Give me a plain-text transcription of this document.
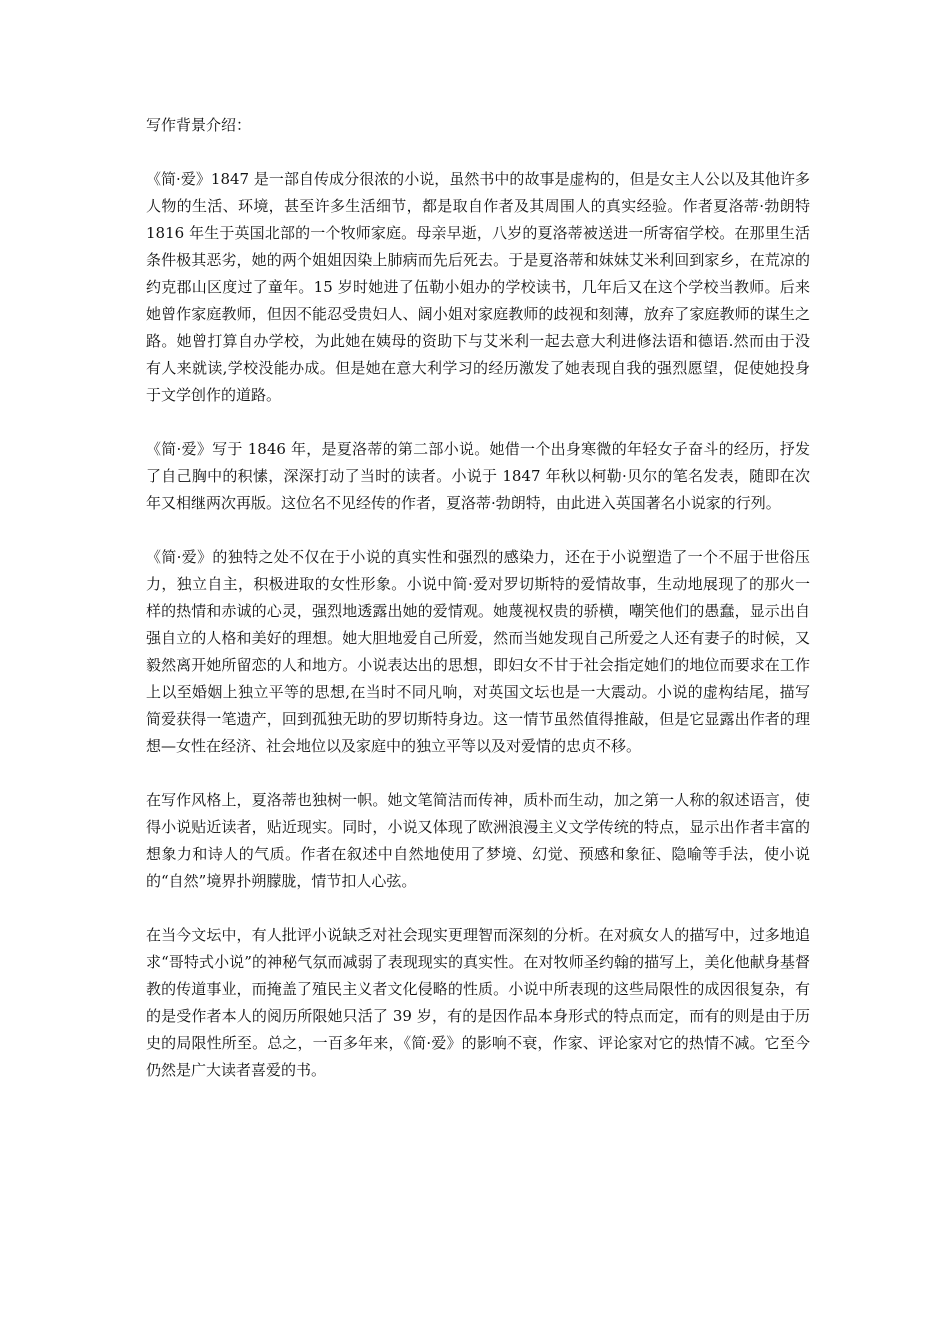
写作背景介绍：

《简·爱》1847 是一部自传成分很浓的小说，虽然书中的故事是虚构的，但是女主人公以及其他许多人物的生活、环境，甚至许多生活细节，都是取自作者及其周围人的真实经验。作者夏洛蒂·勃朗特 1816 年生于英国北部的一个牧师家庭。母亲早逝，八岁的夏洛蒂被送进一所寄宿学校。在那里生活条件极其恶劣，她的两个姐姐因染上肺病而先后死去。于是夏洛蒂和妹妹艾米利回到家乡，在荒凉的约克郡山区度过了童年。15 岁时她进了伍勒小姐办的学校读书，几年后又在这个学校当教师。后来她曾作家庭教师，但因不能忍受贵妇人、阔小姐对家庭教师的歧视和刻薄，放弃了家庭教师的谋生之路。她曾打算自办学校，为此她在姨母的资助下与艾米利一起去意大利进修法语和德语.然而由于没有人来就读,学校没能办成。但是她在意大利学习的经历激发了她表现自我的强烈愿望，促使她投身于文学创作的道路。

《简·爱》写于 1846 年，是夏洛蒂的第二部小说。她借一个出身寒微的年轻女子奋斗的经历，抒发了自己胸中的积愫，深深打动了当时的读者。小说于 1847 年秋以柯勒·贝尔的笔名发表，随即在次年又相继两次再版。这位名不见经传的作者，夏洛蒂·勃朗特，由此进入英国著名小说家的行列。

《简·爱》的独特之处不仅在于小说的真实性和强烈的感染力，还在于小说塑造了一个不屈于世俗压力，独立自主，积极进取的女性形象。小说中简·爱对罗切斯特的爱情故事，生动地展现了的那火一样的热情和赤诚的心灵，强烈地透露出她的爱情观。她蔑视权贵的骄横，嘲笑他们的愚蠢，显示出自强自立的人格和美好的理想。她大胆地爱自己所爱，然而当她发现自己所爱之人还有妻子的时候，又毅然离开她所留恋的人和地方。小说表达出的思想，即妇女不甘于社会指定她们的地位而要求在工作上以至婚姻上独立平等的思想,在当时不同凡响，对英国文坛也是一大震动。小说的虚构结尾，描写简爱获得一笔遗产，回到孤独无助的罗切斯特身边。这一情节虽然值得推敲，但是它显露出作者的理想—女性在经济、社会地位以及家庭中的独立平等以及对爱情的忠贞不移。

在写作风格上，夏洛蒂也独树一帜。她文笔简洁而传神，质朴而生动，加之第一人称的叙述语言，使得小说贴近读者，贴近现实。同时，小说又体现了欧洲浪漫主义文学传统的特点，显示出作者丰富的想象力和诗人的气质。作者在叙述中自然地使用了梦境、幻觉、预感和象征、隐喻等手法，使小说的“自然”境界扑朔朦胧，情节扣人心弦。

在当今文坛中，有人批评小说缺乏对社会现实更理智而深刻的分析。在对疯女人的描写中，过多地追求“哥特式小说”的神秘气氛而减弱了表现现实的真实性。在对牧师圣约翰的描写上，美化他献身基督教的传道事业，而掩盖了殖民主义者文化侵略的性质。小说中所表现的这些局限性的成因很复杂，有的是受作者本人的阅历所限她只活了 39 岁，有的是因作品本身形式的特点而定，而有的则是由于历史的局限性所至。总之，一百多年来，《简·爱》的影响不衰，作家、评论家对它的热情不减。它至今仍然是广大读者喜爱的书。
